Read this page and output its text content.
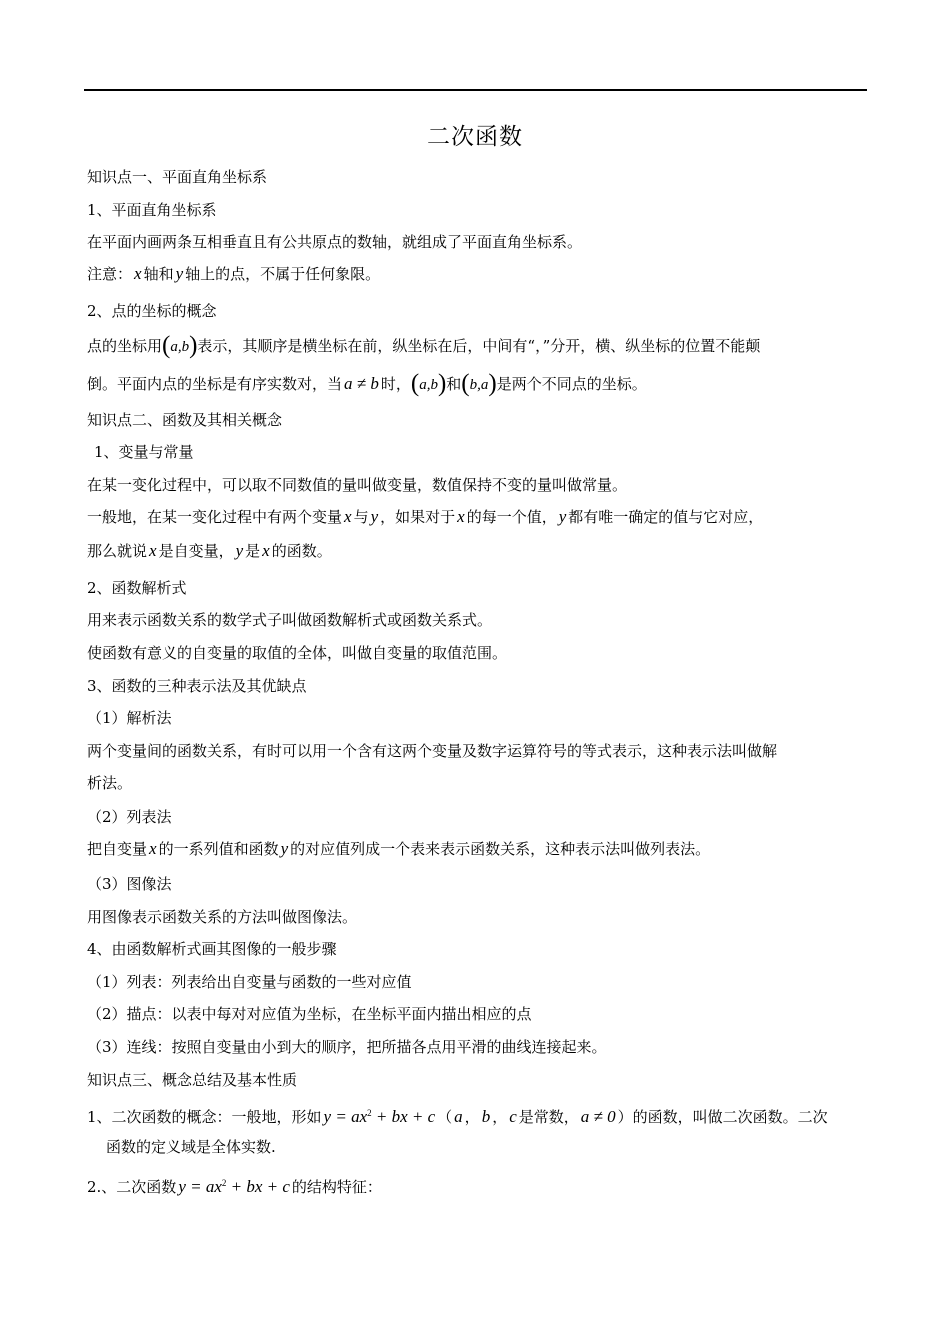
二次函数
知识点一、平面直角坐标系
1、平面直角坐标系
在平面内画两条互相垂直且有公共原点的数轴，就组成了平面直角坐标系。
注意： x 轴和 y 轴上的点，不属于任何象限。
2、点的坐标的概念
点的坐标用(a,b)表示，其顺序是横坐标在前，纵坐标在后，中间有“，”分开，横、纵坐标的位置不能颠
倒。平面内点的坐标是有序实数对，当 a ≠ b 时，(a,b)和(b,a)是两个不同点的坐标。
知识点二、函数及其相关概念
1、变量与常量
在某一变化过程中，可以取不同数值的量叫做变量，数值保持不变的量叫做常量。
一般地，在某一变化过程中有两个变量 x 与 y ，如果对于 x 的每一个值， y 都有唯一确定的值与它对应，
那么就说 x 是自变量， y 是 x 的函数。
2、函数解析式
用来表示函数关系的数学式子叫做函数解析式或函数关系式。
使函数有意义的自变量的取值的全体，叫做自变量的取值范围。
3、函数的三种表示法及其优缺点
（1）解析法
两个变量间的函数关系，有时可以用一个含有这两个变量及数字运算符号的等式表示，这种表示法叫做解
析法。
（2）列表法
把自变量 x 的一系列值和函数 y 的对应值列成一个表来表示函数关系，这种表示法叫做列表法。
（3）图像法
用图像表示函数关系的方法叫做图像法。
4、由函数解析式画其图像的一般步骤
（1）列表：列表给出自变量与函数的一些对应值
（2）描点：以表中每对对应值为坐标，在坐标平面内描出相应的点
（3）连线：按照自变量由小到大的顺序，把所描各点用平滑的曲线连接起来。
知识点三、概念总结及基本性质
1、二次函数的概念：一般地，形如 $y = ax^2$ + bx + c （ a ， b ， c 是常数， a ≠ 0 ）的函数，叫做二次函数。二次
函数的定义域是全体实数.
2.、二次函数 $y = ax^2$ + bx + c 的结构特征：
